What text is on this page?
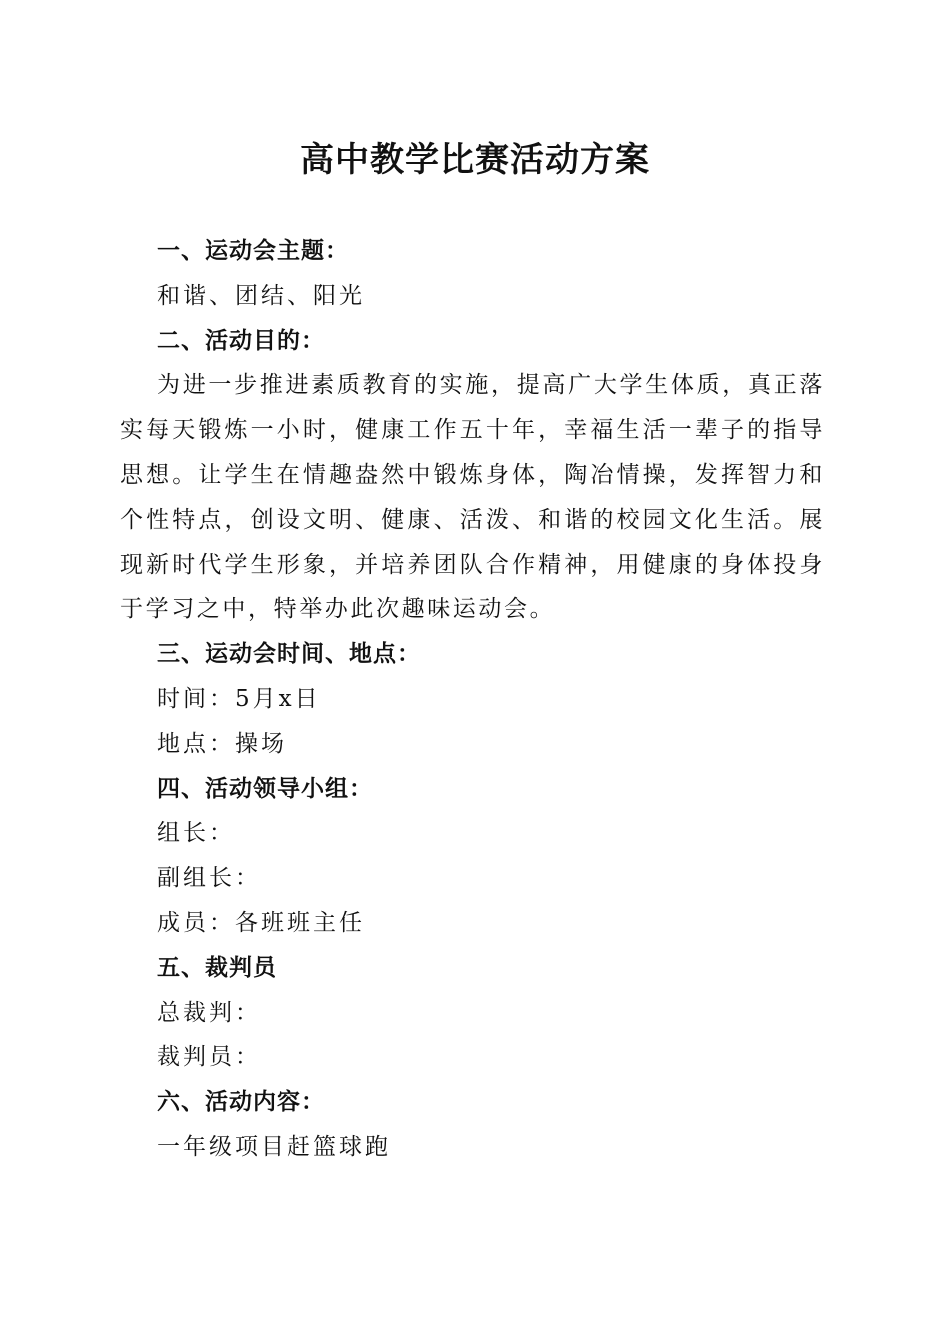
高中教学比赛活动方案
一、运动会主题：
和谐、团结、阳光
二、活动目的：

为进一步推进素质教育的实施，提高广大学生体质，真正落实每天锻炼一小时，健康工作五十年，幸福生活一辈子的指导思想。让学生在情趣盎然中锻炼身体，陶冶情操，发挥智力和个性特点，创设文明、健康、活泼、和谐的校园文化生活。展现新时代学生形象，并培养团队合作精神，用健康的身体投身于学习之中，特举办此次趣味运动会。

三、运动会时间、地点：
时间：5月x日
地点：操场
四、活动领导小组：
组长：
副组长：
成员：各班班主任
五、裁判员
总裁判：
裁判员：
六、活动内容：
一年级项目赶篮球跑
